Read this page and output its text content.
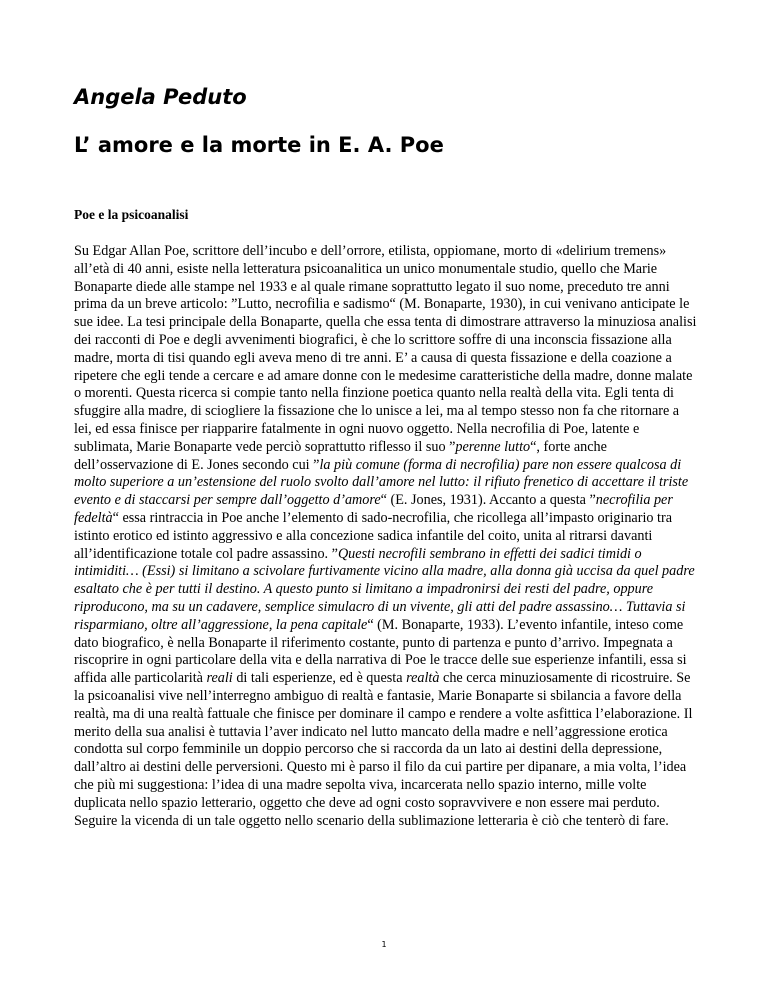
Angela Peduto
L’ amore e la morte in E. A. Poe
Poe e la psicoanalisi

Su Edgar Allan Poe, scrittore dell’incubo e dell’orrore, etilista, oppiomane, morto di «delirium tremens» all’età di 40 anni, esiste nella letteratura psicoanalitica un unico monumentale studio, quello che Marie Bonaparte diede alle stampe nel 1933 e al quale rimane soprattutto legato il suo nome, preceduto tre anni prima da un breve articolo: ”Lutto, necrofilia e sadismo“ (M. Bonaparte, 1930), in cui venivano anticipate le sue idee. La tesi principale della Bonaparte, quella che essa tenta di dimostrare attraverso la minuziosa analisi dei racconti di Poe e degli avvenimenti biografici, è che lo scrittore soffre di una inconscia fissazione alla madre, morta di tisi quando egli aveva meno di tre anni. E’ a causa di questa fissazione e della coazione a ripetere che egli tende a cercare e ad amare donne con le medesime caratteristiche della madre, donne malate o morenti. Questa ricerca si compie tanto nella finzione poetica quanto nella realtà della vita. Egli tenta di sfuggire alla madre, di sciogliere la fissazione che lo unisce a lei, ma al tempo stesso non fa che ritornare a lei, ed essa finisce per riapparire fatalmente in ogni nuovo oggetto. Nella necrofilia di Poe, latente e sublimata, Marie Bonaparte vede perciò soprattutto riflesso il suo ”perenne lutto“, forte anche dell’osservazione di E. Jones secondo cui ”la più comune (forma di necrofilia) pare non essere qualcosa di molto superiore a un’estensione del ruolo svolto dall’amore nel lutto: il rifiuto frenetico di accettare il triste evento e di staccarsi per sempre dall’oggetto d’amore“ (E. Jones, 1931). Accanto a questa ”necrofilia per fedeltà“ essa rintraccia in Poe anche l’elemento di sado-necrofilia, che ricollega all’impasto originario tra istinto erotico ed istinto aggressivo e alla concezione sadica infantile del coito, unita al ritrarsi davanti all’identificazione totale col padre assassino. ”Questi necrofili sembrano in effetti dei sadici timidi o intimiditi… (Essi) si limitano a scivolare furtivamente vicino alla madre, alla donna già uccisa da quel padre esaltato che è per tutti il destino. A questo punto si limitano a impadronirsi dei resti del padre, oppure riproducono, ma su un cadavere, semplice simulacro di un vivente, gli atti del padre assassino… Tuttavia si risparmiano, oltre all’aggressione, la pena capitale“ (M. Bonaparte, 1933). L’evento infantile, inteso come dato biografico, è nella Bonaparte il riferimento costante, punto di partenza e punto d’arrivo. Impegnata a riscoprire in ogni particolare della vita e della narrativa di Poe le tracce delle sue esperienze infantili, essa si affida alle particolarità reali di tali esperienze, ed è questa realtà che cerca minuziosamente di ricostruire. Se la psicoanalisi vive nell’interregno ambiguo di realtà e fantasie, Marie Bonaparte si sbilancia a favore della realtà, ma di una realtà fattuale che finisce per dominare il campo e rendere a volte asfittica l’elaborazione. Il merito della sua analisi è tuttavia l’aver indicato nel lutto mancato della madre e nell’aggressione erotica condotta sul corpo femminile un doppio percorso che si raccorda da un lato ai destini della depressione, dall’altro ai destini delle perversioni. Questo mi è parso il filo da cui partire per dipanare, a mia volta, l’idea che più mi suggestiona: l’idea di una madre sepolta viva, incarcerata nello spazio interno, mille volte duplicata nello spazio letterario, oggetto che deve ad ogni costo sopravvivere e non essere mai perduto. Seguire la vicenda di un tale oggetto nello scenario della sublimazione letteraria è ciò che tenterò di fare.

1
